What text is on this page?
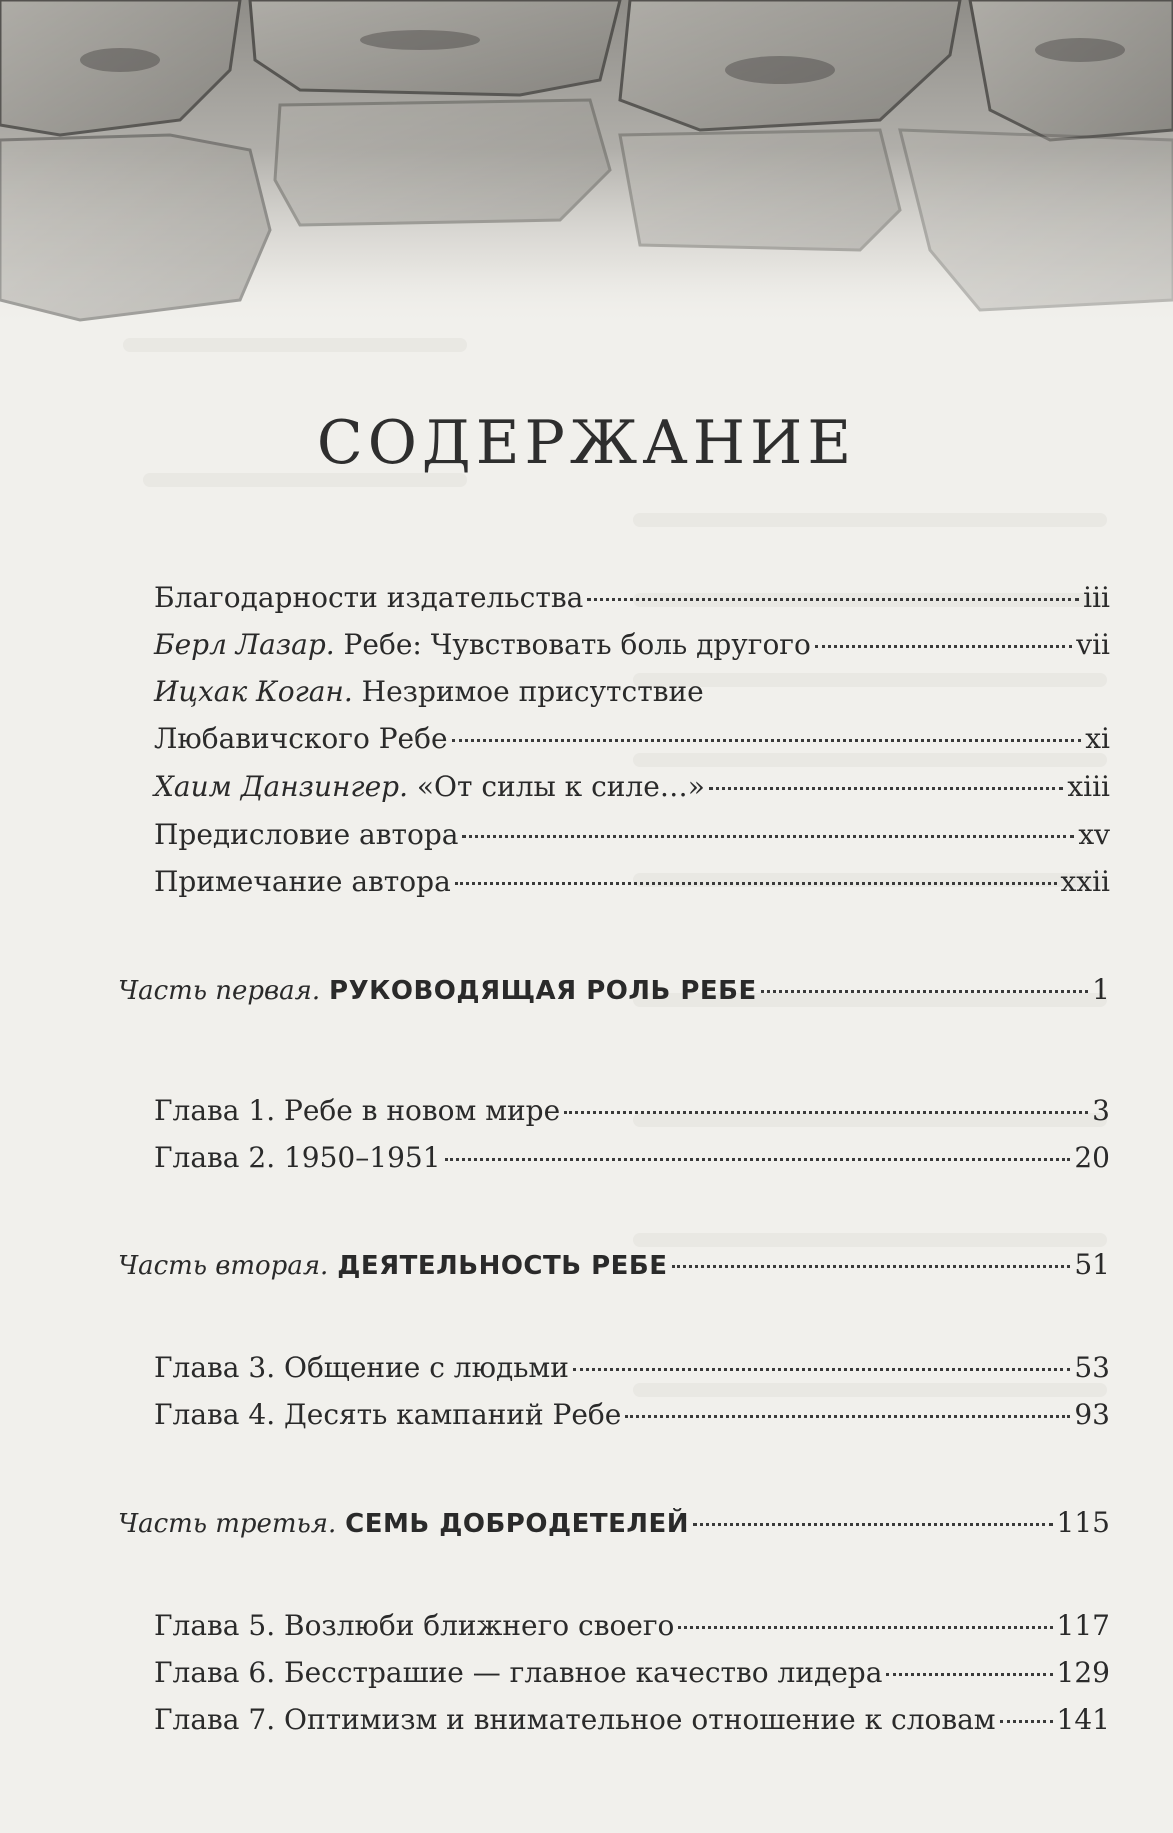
СОДЕРЖАНИЕ
Благодарности издательства	iii
Берл Лазар. Ребе: Чувствовать боль другого	vii
Ицхак Коган. Незримое присутствие
Любавичского Ребе	xi
Хаим Данзингер. «От силы к силе…»	xiii
Предисловие автора	xv
Примечание автора	xxii
Часть первая. РУКОВОДЯЩАЯ РОЛЬ РЕБЕ	1
Глава 1. Ребе в новом мире	3
Глава 2. 1950–1951	20
Часть вторая. ДЕЯТЕЛЬНОСТЬ РЕБЕ	51
Глава 3. Общение с людьми	53
Глава 4. Десять кампаний Ребе	93
Часть третья. СЕМЬ ДОБРОДЕТЕЛЕЙ	115
Глава 5. Возлюби ближнего своего	117
Глава 6. Бесстрашие — главное качество лидера	129
Глава 7. Оптимизм и внимательное отношение к словам 141
